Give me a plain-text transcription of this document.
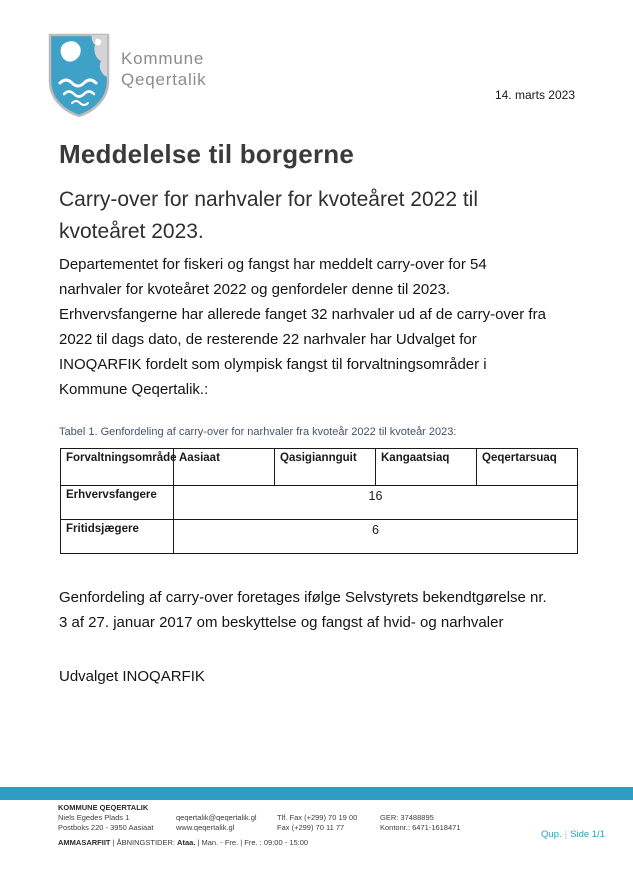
Kommune
Qeqertalik
14. marts 2023
Meddelelse til borgerne
Carry-over for narhvaler for kvoteåret 2022 til
kvoteåret 2023.
Departementet for fiskeri og fangst har meddelt carry-over for 54
narhvaler for kvoteåret 2022 og genfordeler denne til 2023.
Erhvervsfangerne har allerede fanget 32 narhvaler ud af de carry-over fra
2022 til dags dato, de resterende 22 narhvaler har Udvalget for
INOQARFIK fordelt som olympisk fangst til forvaltningsområder i
Kommune Qeqertalik.:
Tabel 1. Genfordeling af carry-over for narhvaler fra kvoteår 2022 til kvoteår 2023:
Forvaltningsområde	Aasiaat	Qasigiannguit	Kangaatsiaq	Qeqertarsuaq
Erhvervsfangere	16			
Fritidsjægere	6			
Genfordeling af carry-over foretages ifølge Selvstyrets bekendtgørelse nr.
3 af 27. januar 2017 om beskyttelse og fangst af hvid- og narhvaler
Udvalget INOQARFIK
KOMMUNE QEQERTALIK
Niels Egedes Plads 1
Postboks 220 - 3950 Aasiaat
qeqertalik@qeqertalik.gl
www.qeqertalik.gl
Tlf. Fax (+299) 70 19 00
Fax (+299) 70 11 77
GER: 37488895
Kontonr.: 6471-1618471
AMMASARFIIT | ÅBNINGSTIDER: Ataa. | Man. - Fre. | Fre. : 09:00 - 15:00
Qup. | Side 1/1
